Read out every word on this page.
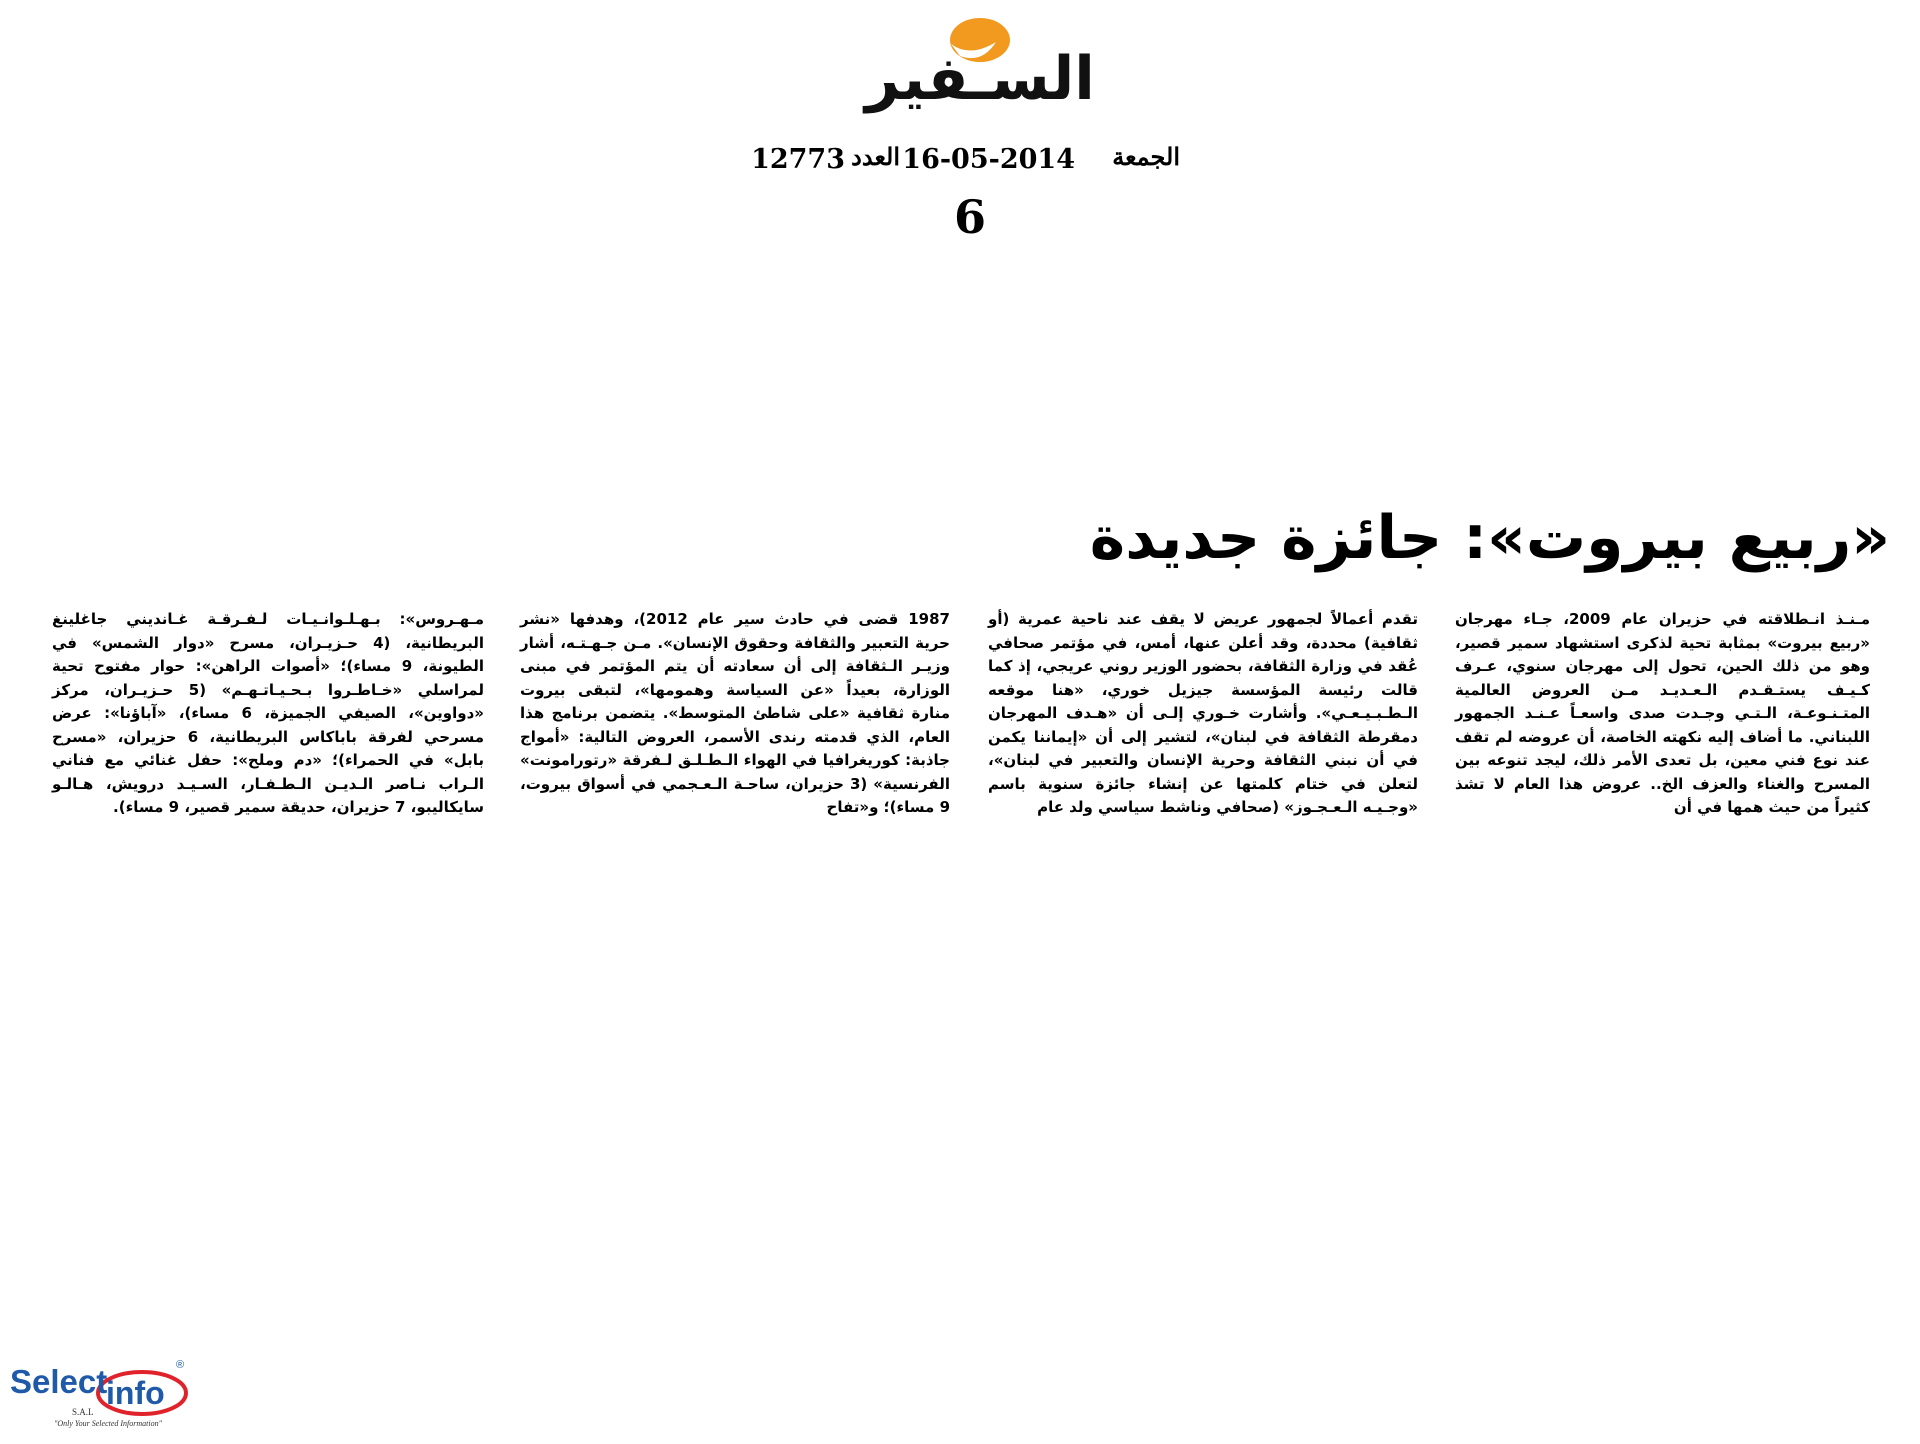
السـفير
الجمعة
16-05-2014
العدد
12773
6
«ربيع بيروت»: جائزة جديدة

مـنـذ انـطلاقته في حزيران عام 2009، جـاء مهرجان «ربيع بيروت» بمثابة تحية لذكرى استشهاد سمير قصير، وهو من ذلك الحين، تحول إلى مهرجان سنوي، عـرف كـيـف يستـقـدم الـعـديـد مـن العروض العالمية المتـنـوعـة، الـتـي وجـدت صدى واسعـاً عـنـد الجمهور اللبناني. ما أضاف إليه نكهته الخاصة، أن عروضه لم تقف عند نوع فني معين، بل تعدى الأمر ذلك، ليجد تنوعه بين المسرح والغناء والعزف الخ.. عروض هذا العام لا تشذ كثيراً من حيث همها في أن

تقدم أعمالاً لجمهور عريض لا يقف عند ناحية عمرية (أو ثقافية) محددة، وقد أعلن عنها، أمس، في مؤتمر صحافي عُقد في وزارة الثقافة، بحضور الوزير روني عريجي، إذ كما قالت رئيسة المؤسسة جيزيل خوري، «هنا موقعه الـطـبـيـعـي». وأشارت خـوري إلـى أن «هـدف المهرجان دمقرطة الثقافة في لبنان»، لتشير إلى أن «إيماننا يكمن في أن نبني الثقافة وحرية الإنسان والتعبير في لبنان»، لتعلن في ختام كلمتها عن إنشاء جائزة سنوية باسم «وجـيـه الـعـجـوز» (صحافي وناشط سياسي ولد عام

1987 قضى في حادث سير عام 2012)، وهدفها «نشر حرية التعبير والثقافة وحقوق الإنسان». مـن جـهـتـه، أشار وزيـر الـثقافة إلى أن سعادته أن يتم المؤتمر في مبنى الوزارة، بعيداً «عن السياسة وهمومها»، لتبقى بيروت منارة ثقافية «على شاطئ المتوسط». يتضمن برنامج هذا العام، الذي قدمته رندى الأسمر، العروض التالية: «أمواج جاذبة: كوريغرافيا في الهواء الـطـلـق لـفرقة «رتورامونت» الفرنسية» (3 حزيران، ساحـة الـعـجمي في أسواق بيروت، 9 مساء)؛ و«تفاح

مـهـروس»: بـهـلـوانـيـات لـفـرقـة غـانديني جاغلينغ البريطانية، (4 حـزيـران، مسرح «دوار الشمس» في الطيونة، 9 مساء)؛ «أصوات الراهن»: حوار مفتوح تحية لمراسلي «خـاطـروا بـحـيـاتـهـم» (5 حـزيـران، مركز «دواوين»، الصيفي الجميزة، 6 مساء)، «آباؤنا»: عرض مسرحي لفرقة باباكاس البريطانية، 6 حزيران، «مسرح بابل» في الحمراء)؛ «دم وملح»: حفل غنائي مع فناني الـراب نـاصر الـديـن الـطـفـار، السـيـد درويش، هـالـو سايكاليبو، 7 حزيران، حديقة سمير قصير، 9 مساء).

Select
info
®
S.A.L
"Only Your Selected Information"
